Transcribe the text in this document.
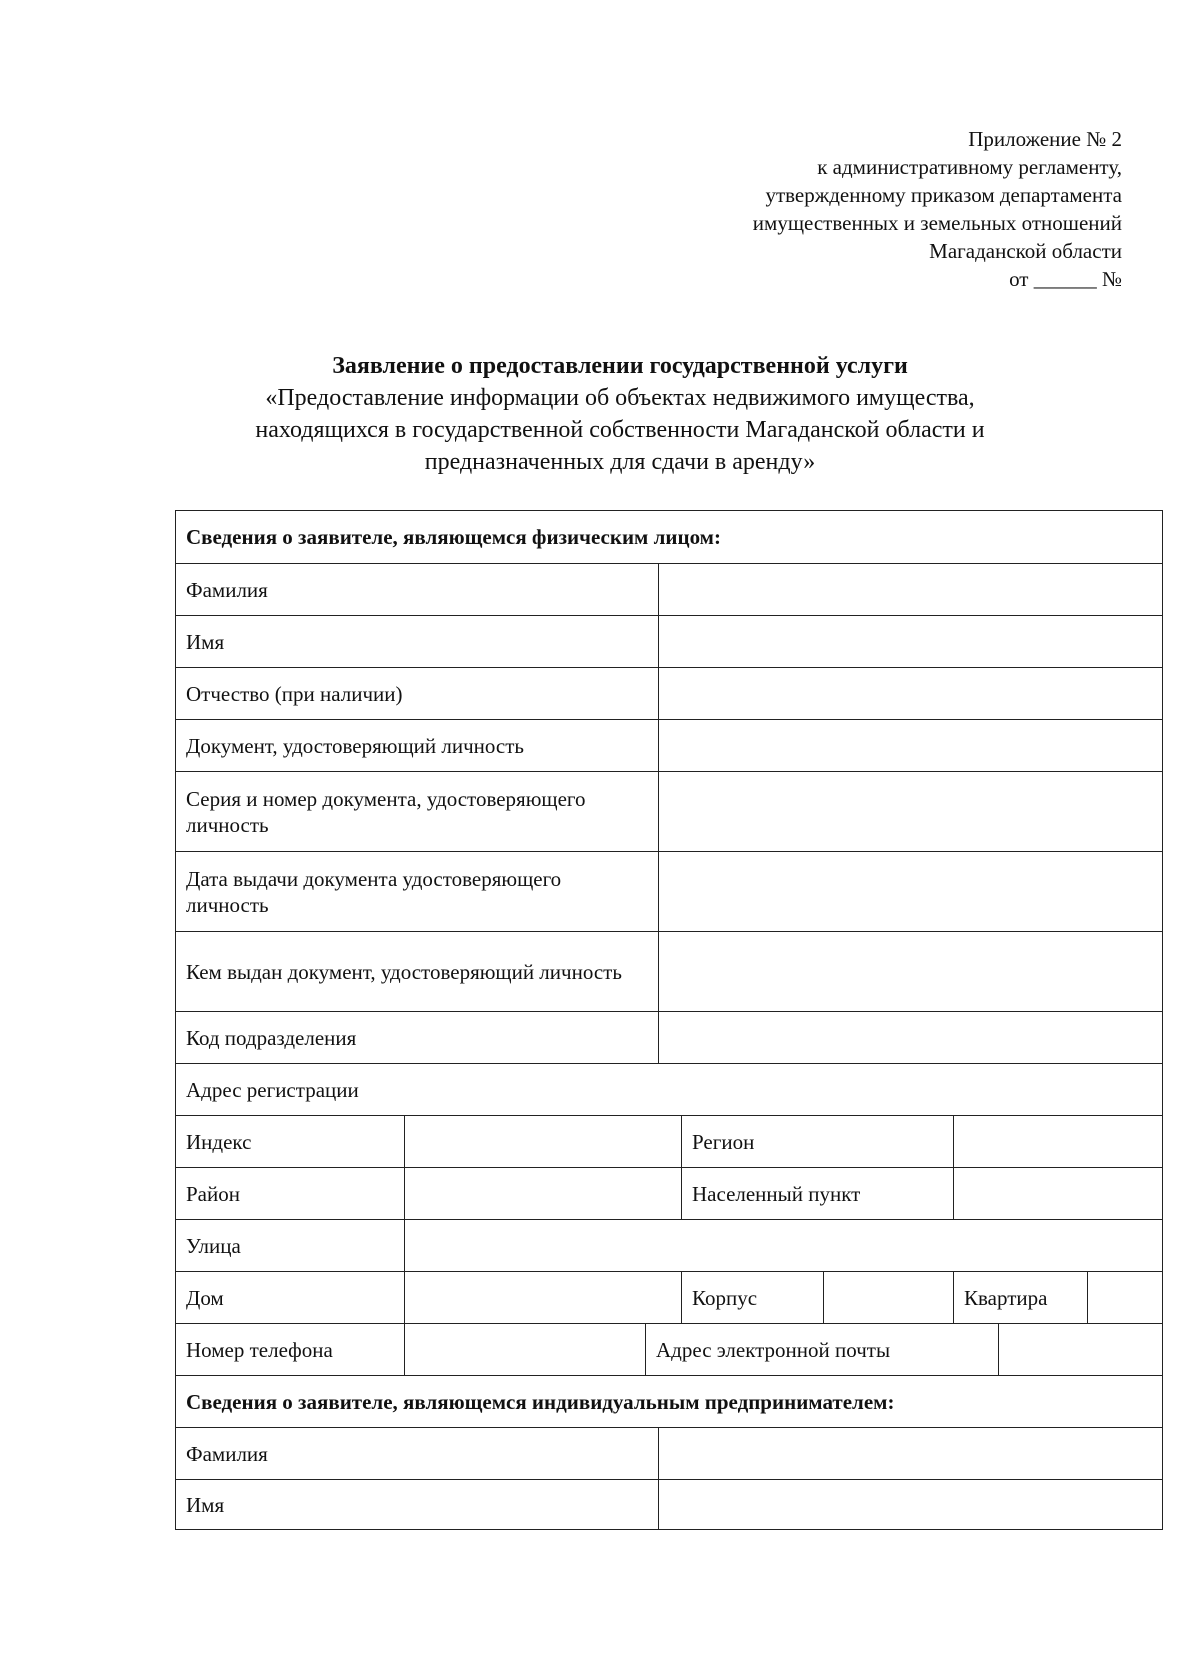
Приложение № 2
к административному регламенту,
утвержденному приказом департамента
имущественных и земельных отношений
Магаданской области
от ______ №
Заявление о предоставлении государственной услуги
«Предоставление информации об объектах недвижимого имущества,
находящихся в государственной собственности Магаданской области и
предназначенных для сдачи в аренду»
Сведения о заявителе, являющемся физическим лицом:
Фамилия
Имя
Отчество (при наличии)
Документ, удостоверяющий личность
Серия и номер документа, удостоверяющего личность
Дата выдачи документа удостоверяющего личность
Кем выдан документ, удостоверяющий личность
Код подразделения
Адрес регистрации
Индекс	Регион
Район	Населенный пункт
Улица
Дом	Корпус	Квартира
Номер телефона	Адрес электронной почты
Сведения о заявителе, являющемся индивидуальным предпринимателем:
Фамилия
Имя
